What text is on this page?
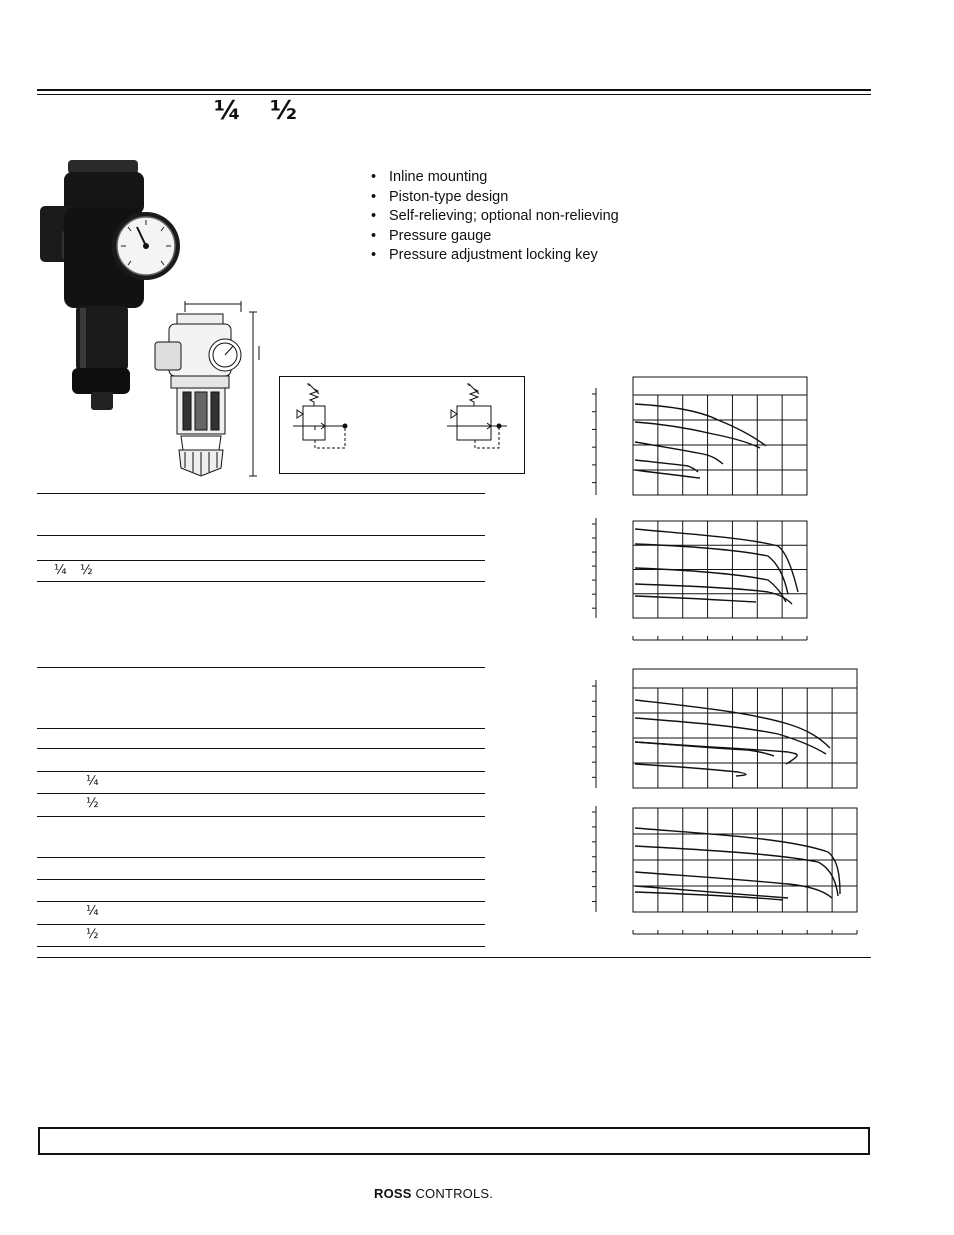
¼ ½
• Inline mounting
• Piston-type design
• Self-relieving; optional non-relieving
• Pressure gauge
• Pressure adjustment locking key
¼ ½
¼
½
¼
½
ROSS CONTROLS.
